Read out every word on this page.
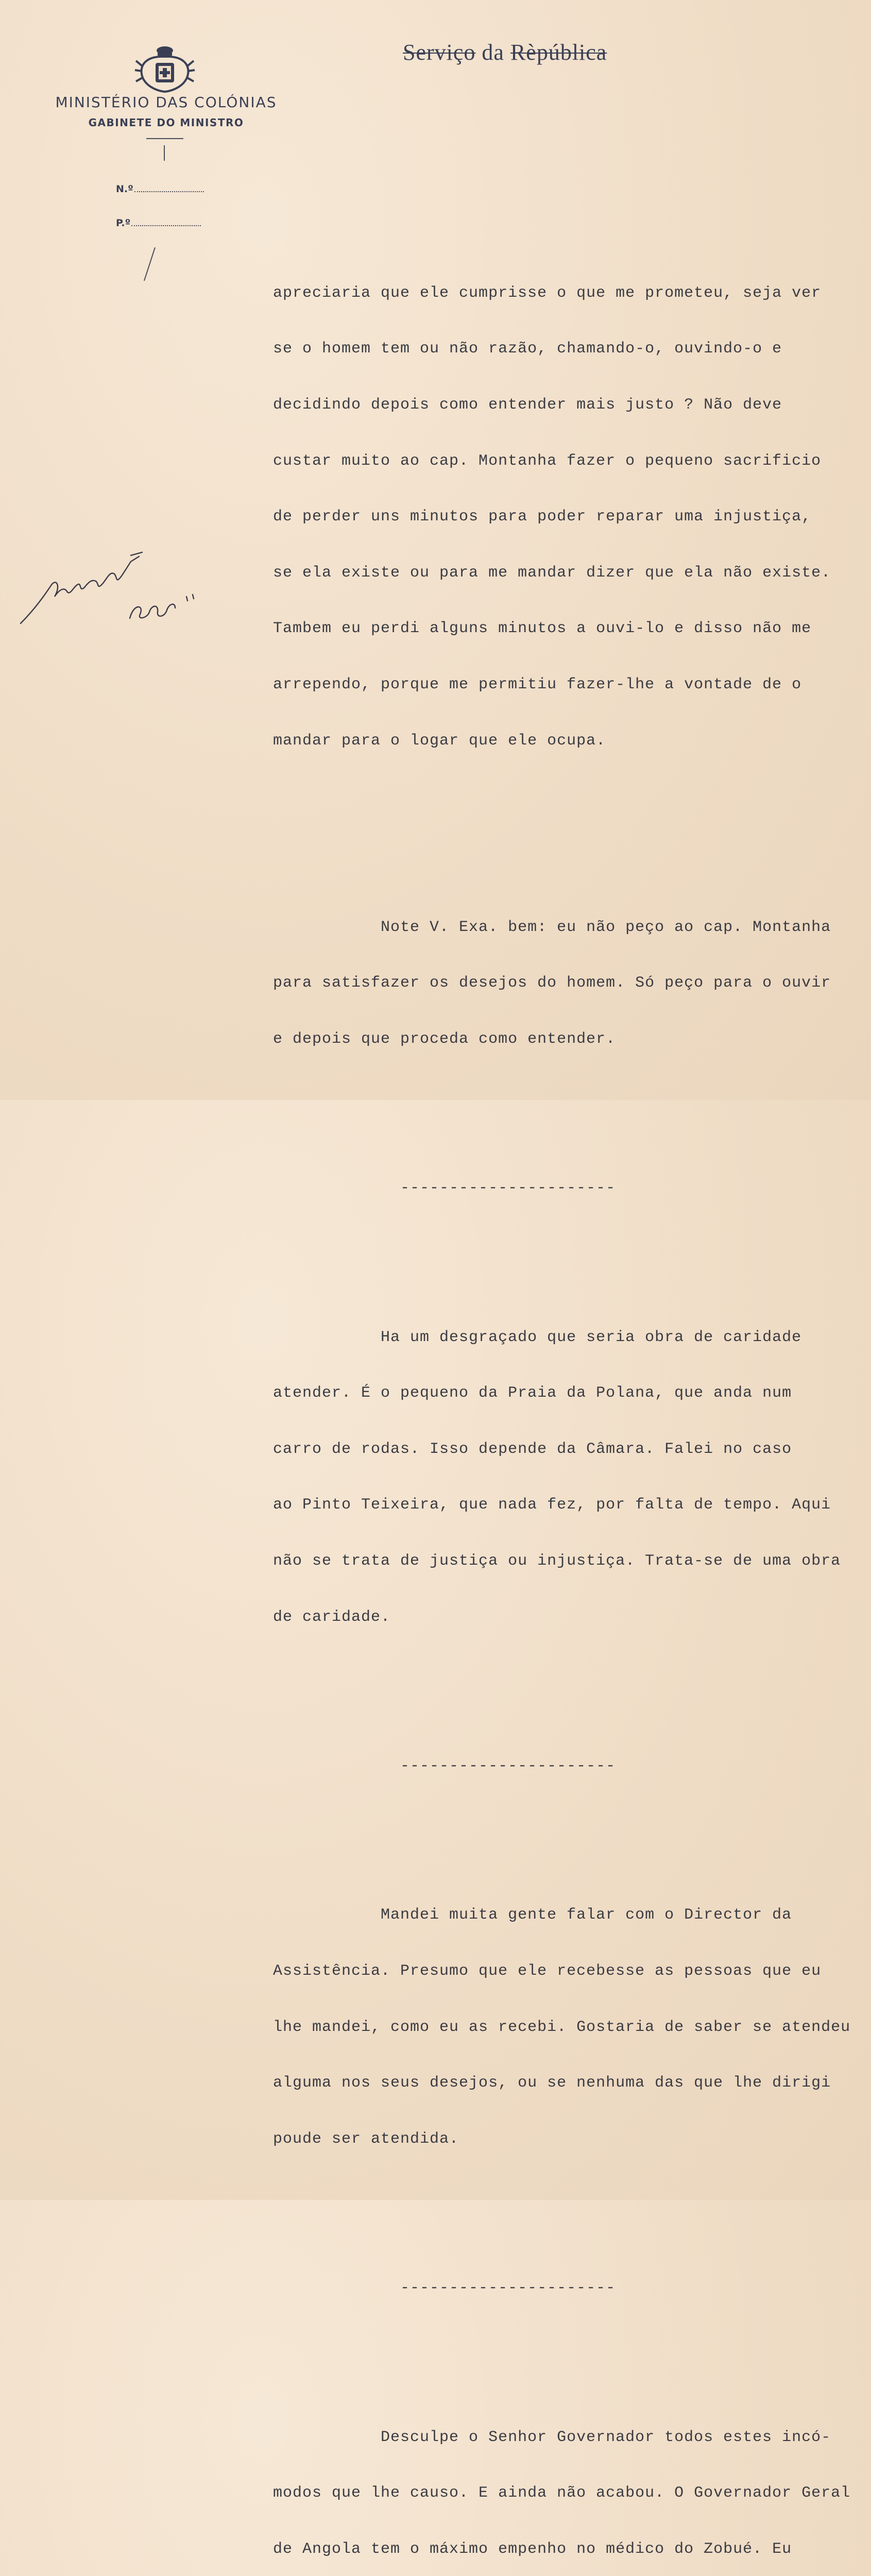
MINISTÉRIO DAS COLÓNIAS
GABINETE DO MINISTRO
N.º
P.º
Serviço da Rèpública

apreciaria que ele cumprisse o que me prometeu, seja ver

se o homem tem ou não razão, chamando-o, ouvindo-o e

decidindo depois como entender mais justo ? Não deve

custar muito ao cap. Montanha fazer o pequeno sacrificio

de perder uns minutos para poder reparar uma injustiça,

se ela existe ou para me mandar dizer que ela não existe.

Tambem eu perdi alguns minutos a ouvi-lo e disso não me

arrependo, porque me permitiu fazer-lhe a vontade de o

mandar para o logar que ele ocupa.

Note V. Exa. bem: eu não peço ao cap. Montanha

para satisfazer os desejos do homem. Só peço para o ouvir

e depois que proceda como entender.

----------------------

Ha um desgraçado que seria obra de caridade

atender. É o pequeno da Praia da Polana, que anda num

carro de rodas. Isso depende da Câmara. Falei no caso

ao Pinto Teixeira, que nada fez, por falta de tempo. Aqui

não se trata de justiça ou injustiça. Trata-se de uma obra

de caridade.

----------------------

Mandei muita gente falar com o Director da

Assistência. Presumo que ele recebesse as pessoas que eu

lhe mandei, como eu as recebi. Gostaria de saber se atendeu

alguma nos seus desejos, ou se nenhuma das que lhe dirigi

poude ser atendida.

----------------------

Desculpe o Senhor Governador todos estes incó-

modos que lhe causo. E ainda não acabou. O Governador Geral

de Angola tem o máximo empenho no médico do Zobué. Eu
